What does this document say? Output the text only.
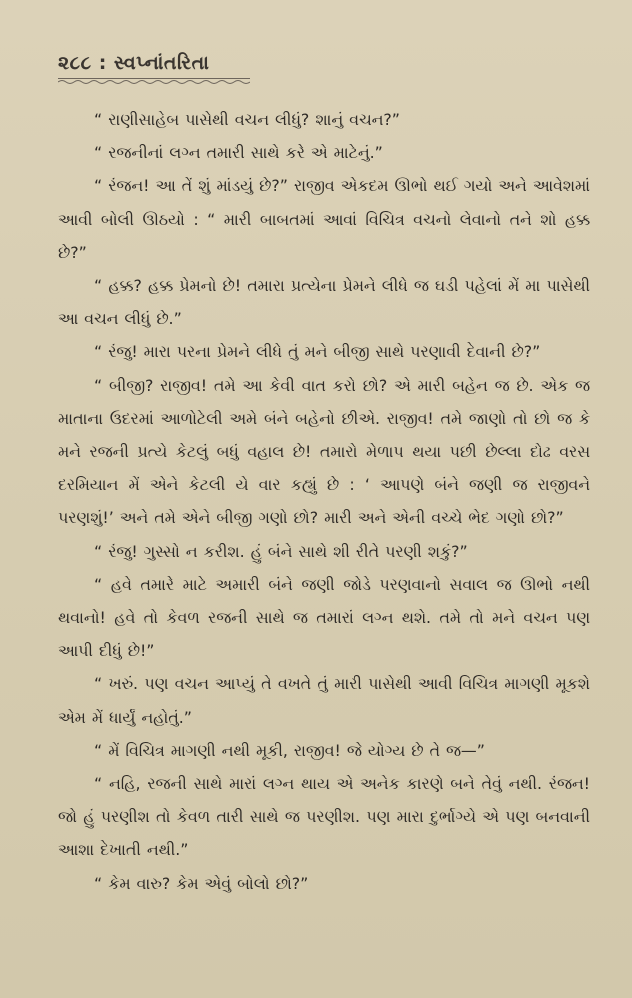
૨૮૮ : સ્વપ્નાંતરિતા

“ રાણીસાહેબ પાસેથી વચન લીધું? શાનું વચન?”

“ રજનીનાં લગ્ન તમારી સાથે કરે એ માટેનું.”

“ રંજન! આ તેં શું માંડયું છે?” રાજીવ એકદમ ઊભો થઈ ગયો અને આવેશમાં આવી બોલી ઊઠયો : “ મારી બાબતમાં આવાં વિચિત્ર વચનો લેવાનો તને શો હક્ક છે?”

“ હક્ક? હક્ક પ્રેમનો છે! તમારા પ્રત્યેના પ્રેમને લીધે જ ઘડી પહેલાં મેં મા પાસેથી આ વચન લીધું છે.”

“ રંજુ! મારા પરના પ્રેમને લીધે તું મને બીજી સાથે પરણાવી દેવાની છે?”

“ બીજી? રાજીવ! તમે આ કેવી વાત કરો છો? એ મારી બહેન જ છે. એક જ માતાના ઉદરમાં આળોટેલી અમે બંને બહેનો છીએ. રાજીવ! તમે જાણો તો છો જ કે મને રજની પ્રત્યે કેટલું બધું વહાલ છે! તમારો મેળાપ થયા પછી છેલ્લા દોઢ વરસ દરમિયાન મેં એને કેટલી યે વાર કહ્યું છે : ‘ આપણે બંને જણી જ રાજીવને પરણશું!’ અને તમે એને બીજી ગણો છો? મારી અને એની વચ્ચે ભેદ ગણો છો?”

“ રંજુ! ગુસ્સો ન કરીશ. હું બંને સાથે શી રીતે પરણી શકું?”

“ હવે તમારે માટે અમારી બંને જણી જોડે પરણવાનો સવાલ જ ઊભો નથી થવાનો! હવે તો કેવળ રજની સાથે જ તમારાં લગ્ન થશે. તમે તો મને વચન પણ આપી દીધું છે!”

“ ખરું. પણ વચન આપ્યું તે વખતે તું મારી પાસેથી આવી વિચિત્ર માગણી મૂકશે એમ મેં ધાર્યું નહોતું.”

“ મેં વિચિત્ર માગણી નથી મૂકી, રાજીવ! જે યોગ્ય છે તે જ—”

“ નહિ, રજની સાથે મારાં લગ્ન થાય એ અનેક કારણે બને તેવું નથી. રંજન! જો હું પરણીશ તો કેવળ તારી સાથે જ પરણીશ. પણ મારા દુર્ભાગ્યે એ પણ બનવાની આશા દેખાતી નથી.”

“ કેમ વારુ? કેમ એવું બોલો છો?”
